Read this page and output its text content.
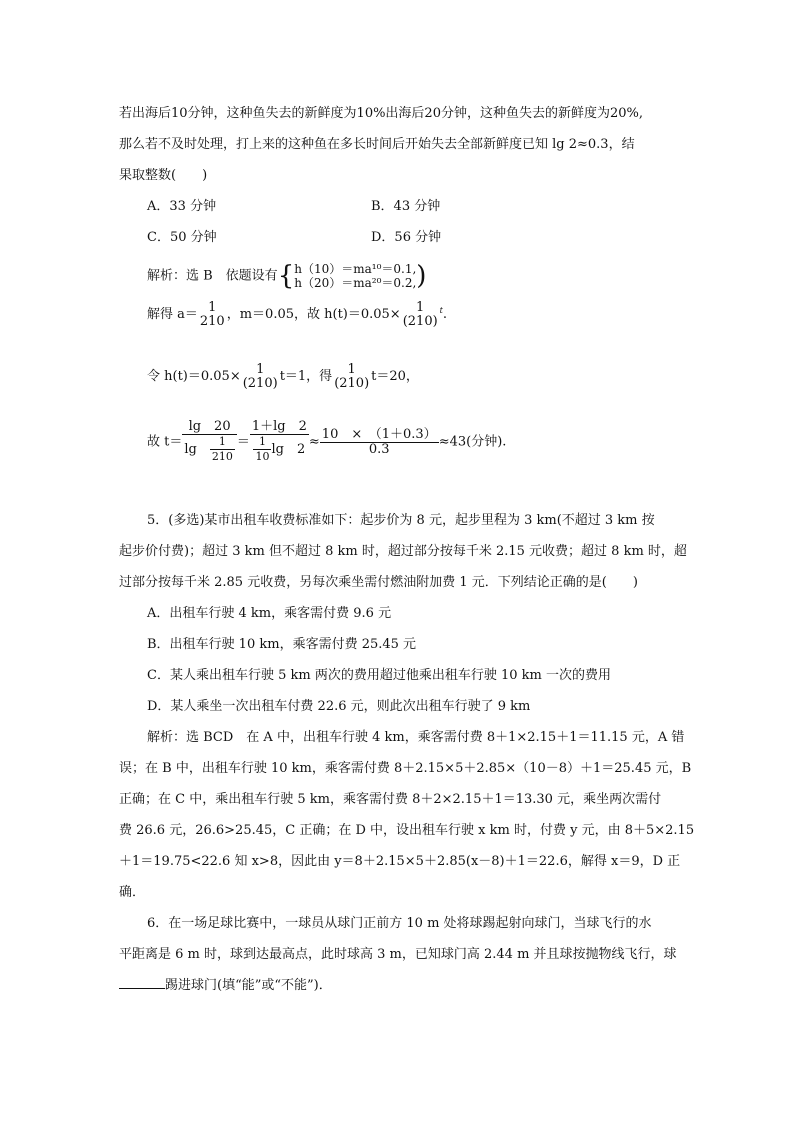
若出海后10分钟，这种鱼失去的新鲜度为10%出海后20分钟，这种鱼失去的新鲜度为20%,
那么若不及时处理，打上来的这种鱼在多长时间后开始失去全部新鲜度已知 lg 2≈0.3，结
果取整数(　　)
A．33 分钟	B．43 分钟
C．50 分钟	D．56 分钟
解析：选 B　依题设有{ h（10）＝ma¹⁰＝0.1,
h（20）＝ma²⁰＝0.2, )
解得 a＝ 1
210 ，m＝0.05，故 h(t)＝0.05×	1
(210)
$^t$.
令 h(t)＝0.05×	1
(210) t＝1，得	1
(210) t＝20，
故 $t= \frac{\lg 20}{\lg \frac{1}{210}} = \frac{1+\lg 2}{\frac{1}{10} \lg 2} \approx \frac{10 \times (1+0.3)}{0.3} \approx 43$(分钟).
5．(多选)某市出租车收费标准如下：起步价为 8 元，起步里程为 3 km(不超过 3 km 按
起步价付费)；超过 3 km 但不超过 8 km 时，超过部分按每千米 2.15 元收费；超过 8 km 时，超
过部分按每千米 2.85 元收费，另每次乘坐需付燃油附加费 1 元．下列结论正确的是(　　)
A．出租车行驶 4 km，乘客需付费 9.6 元
B．出租车行驶 10 km，乘客需付费 25.45 元
C．某人乘出租车行驶 5 km 两次的费用超过他乘出租车行驶 10 km 一次的费用
D．某人乘坐一次出租车付费 22.6 元，则此次出租车行驶了 9 km
解析：选 BCD　在 A 中，出租车行驶 4 km，乘客需付费 8＋1×2.15＋1＝11.15 元，A 错
误；在 B 中，出租车行驶 10 km，乘客需付费 8＋2.15×5＋2.85×（10－8）＋1＝25.45 元，B
正确；在 C 中，乘出租车行驶 5 km，乘客需付费 8＋2×2.15＋1＝13.30 元，乘坐两次需付
费 26.6 元，26.6>25.45，C 正确；在 D 中，设出租车行驶 x km 时，付费 y 元，由 8＋5×2.15
＋1＝19.75<22.6 知 x>8，因此由 y＝8＋2.15×5＋2.85(x－8)＋1＝22.6，解得 x＝9，D 正
确．
6．在一场足球比赛中，一球员从球门正前方 10 m 处将球踢起射向球门，当球飞行的水
平距离是 6 m 时，球到达最高点，此时球高 3 m，已知球门高 2.44 m 并且球按抛物线飞行，球
踢进球门(填“能”或“不能”)．
